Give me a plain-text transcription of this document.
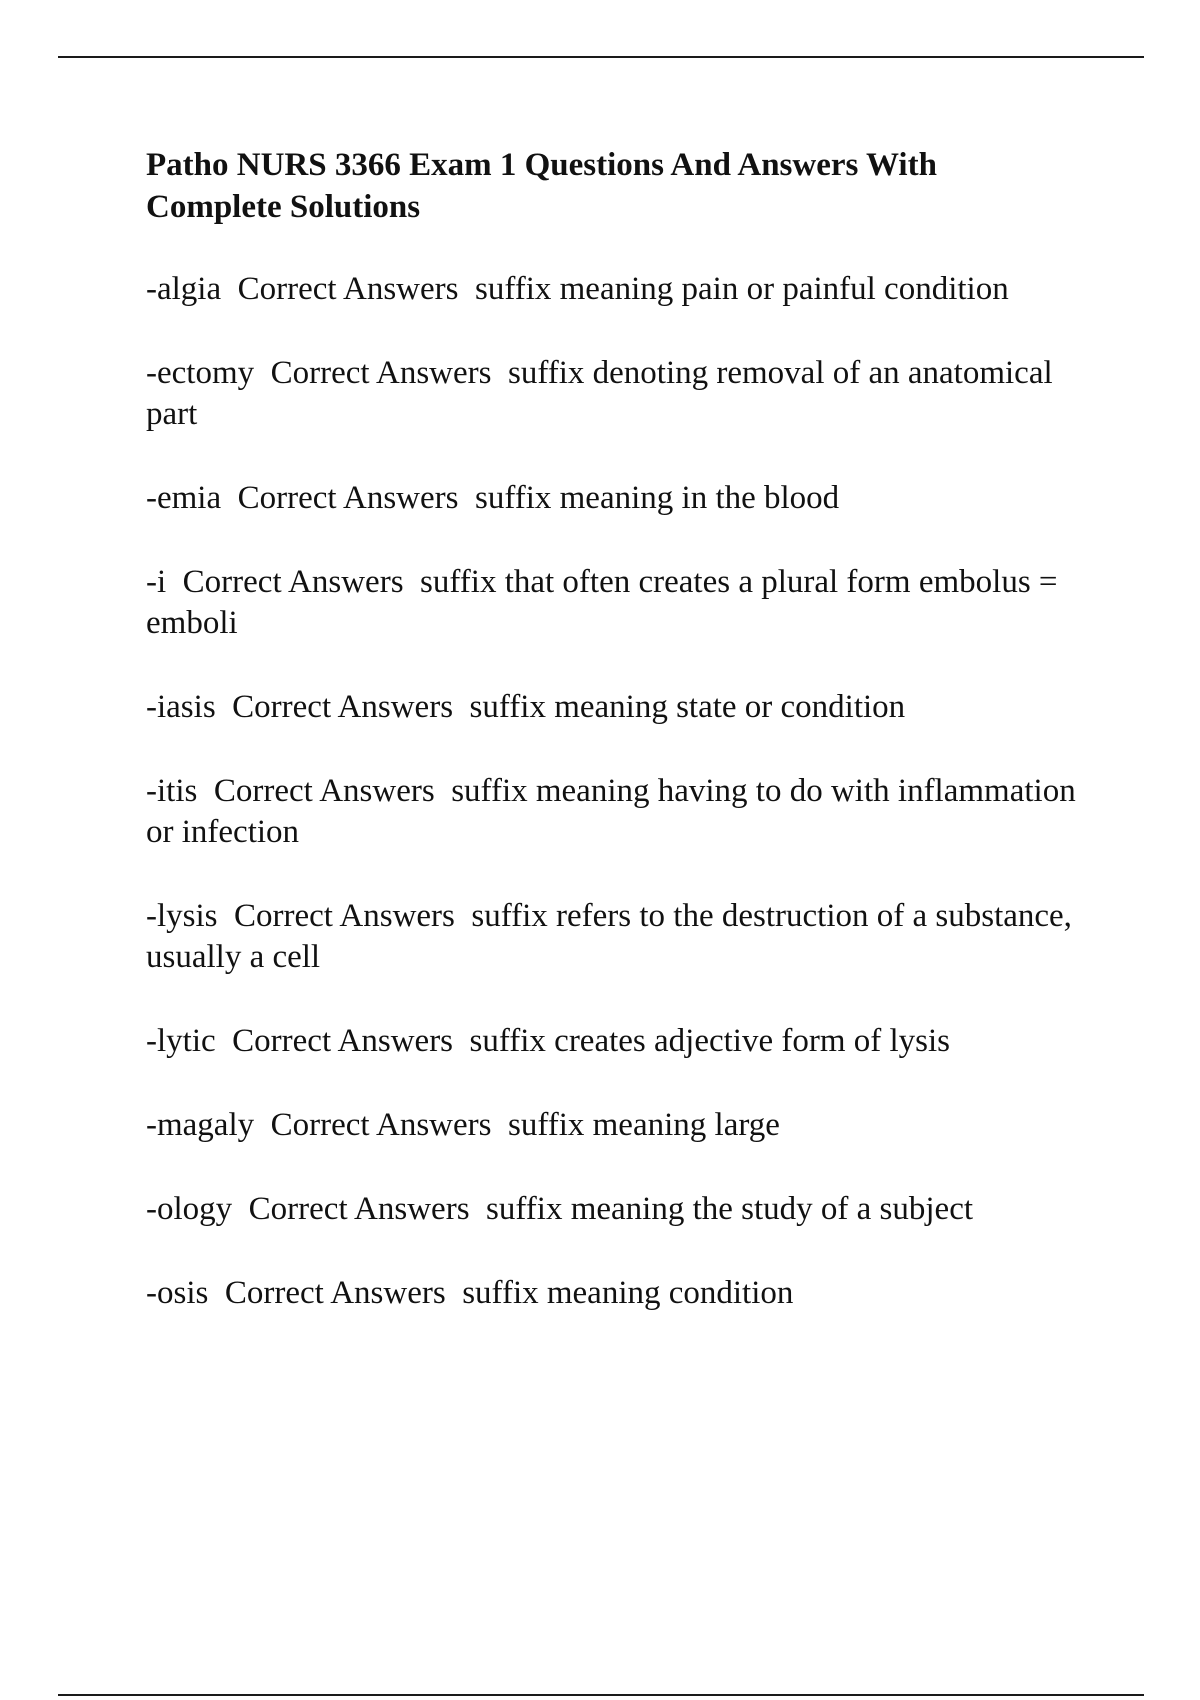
Patho NURS 3366 Exam 1 Questions And Answers With Complete Solutions
-algia  Correct Answers  suffix meaning pain or painful condition
-ectomy  Correct Answers  suffix denoting removal of an anatomical part
-emia  Correct Answers  suffix meaning in the blood
-i  Correct Answers  suffix that often creates a plural form embolus = emboli
-iasis  Correct Answers  suffix meaning state or condition
-itis  Correct Answers  suffix meaning having to do with inflammation or infection
-lysis  Correct Answers  suffix refers to the destruction of a substance, usually a cell
-lytic  Correct Answers  suffix creates adjective form of lysis
-magaly  Correct Answers  suffix meaning large
-ology  Correct Answers  suffix meaning the study of a subject
-osis  Correct Answers  suffix meaning condition
